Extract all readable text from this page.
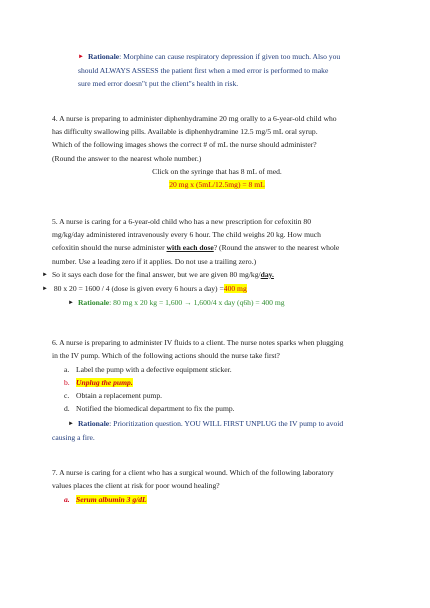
► Rationale: Morphine can cause respiratory depression if given too much. Also you
should ALWAYS ASSESS the patient first when a med error is performed to make
sure med error doesn"t put the client"s health in risk.
4. A nurse is preparing to administer diphenhydramine 20 mg orally to a 6-year-old child who
has difficulty swallowing pills. Available is diphenhydramine 12.5 mg/5 mL oral syrup.
Which of the following images shows the correct # of mL the nurse should administer?
(Round the answer to the nearest whole number.)
Click on the syringe that has 8 mL of med.
20 mg x (5mL/12.5mg) = 8 mL
5. A nurse is caring for a 6-year-old child who has a new prescription for cefoxitin 80
mg/kg/day administered intravenously every 6 hour. The child weighs 20 kg. How much
cefoxitin should the nurse administer with each dose? (Round the answer to the nearest whole
number. Use a leading zero if it applies. Do not use a trailing zero.)
► So it says each dose for the final answer, but we are given 80 mg/kg/day.
► 80 x 20 = 1600 / 4 (dose is given every 6 hours a day) =400 mg
► Rationale: 80 mg x 20 kg = 1,600 → 1,600/4 x day (q6h) = 400 mg
6. A nurse is preparing to administer IV fluids to a client. The nurse notes sparks when plugging
in the IV pump. Which of the following actions should the nurse take first?
a. Label the pump with a defective equipment sticker.
b. Unplug the pump.
c. Obtain a replacement pump.
d. Notified the biomedical department to fix the pump.
► Rationale: Prioritization question. YOU WILL FIRST UNPLUG the IV pump to avoid
causing a fire.
7. A nurse is caring for a client who has a surgical wound. Which of the following laboratory
values places the client at risk for poor wound healing?
a. Serum albumin 3 g/dL
